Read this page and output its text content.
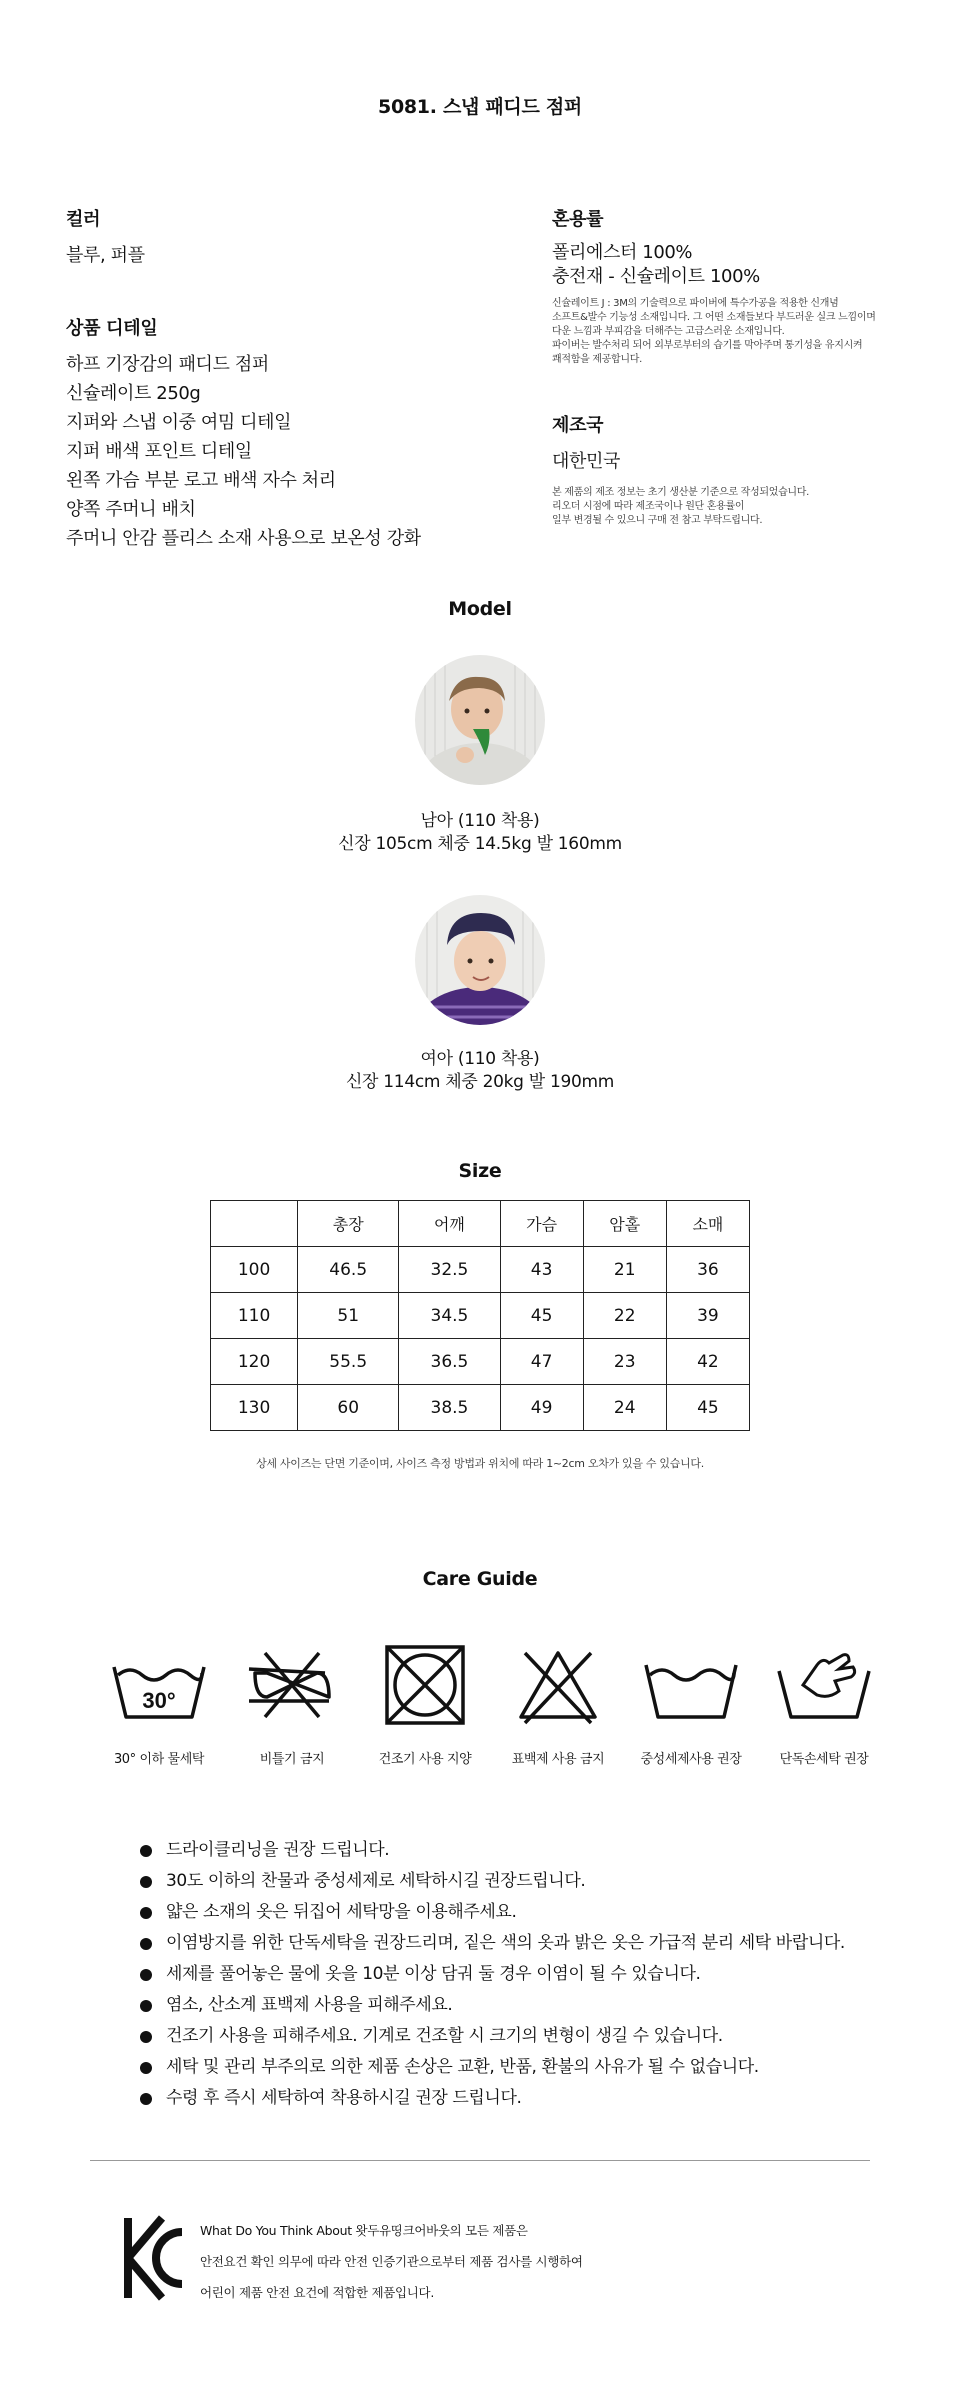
5081. 스냅 패디드 점퍼
컬러
블루, 퍼플
상품 디테일
하프 기장감의 패디드 점퍼
신슐레이트 250g
지퍼와 스냅 이중 여밈 디테일
지퍼 배색 포인트 디테일
왼쪽 가슴 부분 로고 배색 자수 처리
양쪽 주머니 배치
주머니 안감 플리스 소재 사용으로 보온성 강화
혼용률
폴리에스터 100%
충전재 - 신슐레이트 100%
신슐레이트 J : 3M의 기술력으로 파이버에 특수가공을 적용한 신개념
소프트&발수 기능성 소재입니다. 그 어떤 소재들보다 부드러운 실크 느낌이며
다운 느낌과 부피감을 더해주는 고급스러운 소재입니다.
파이버는 발수처리 되어 외부로부터의 습기를 막아주며 통기성을 유지시켜
쾌적함을 제공합니다.
제조국
대한민국
본 제품의 제조 정보는 초기 생산분 기준으로 작성되었습니다.
리오더 시점에 따라 제조국이나 원단 혼용률이
일부 변경될 수 있으니 구매 전 참고 부탁드립니다.
Model
남아 (110 착용)
신장 105cm 체중 14.5kg 발 160mm
여아 (110 착용)
신장 114cm 체중 20kg 발 190mm
Size
	총장	어깨	가슴	암홀	소매
100	46.5	32.5	43	21	36
110	51	34.5	45	22	39
120	55.5	36.5	47	23	42
130	60	38.5	49	24	45
상세 사이즈는 단면 기준이며, 사이즈 측정 방법과 위치에 따라 1~2cm 오차가 있을 수 있습니다.
Care Guide
30°
30° 이하 물세탁	비틀기 금지	건조기 사용 지양	표백제 사용 금지	중성세제사용 권장	단독손세탁 권장
드라이클리닝을 권장 드립니다.
30도 이하의 찬물과 중성세제로 세탁하시길 권장드립니다.
얇은 소재의 옷은 뒤집어 세탁망을 이용해주세요.
이염방지를 위한 단독세탁을 권장드리며, 짙은 색의 옷과 밝은 옷은 가급적 분리 세탁 바랍니다.
세제를 풀어놓은 물에 옷을 10분 이상 담궈 둘 경우 이염이 될 수 있습니다.
염소, 산소계 표백제 사용을 피해주세요.
건조기 사용을 피해주세요. 기계로 건조할 시 크기의 변형이 생길 수 있습니다.
세탁 및 관리 부주의로 의한 제품 손상은 교환, 반품, 환불의 사유가 될 수 없습니다.
수령 후 즉시 세탁하여 착용하시길 권장 드립니다.
What Do You Think About 왓두유띵크어바웃의 모든 제품은
안전요건 확인 의무에 따라 안전 인증기관으로부터 제품 검사를 시행하여
어린이 제품 안전 요건에 적합한 제품입니다.
